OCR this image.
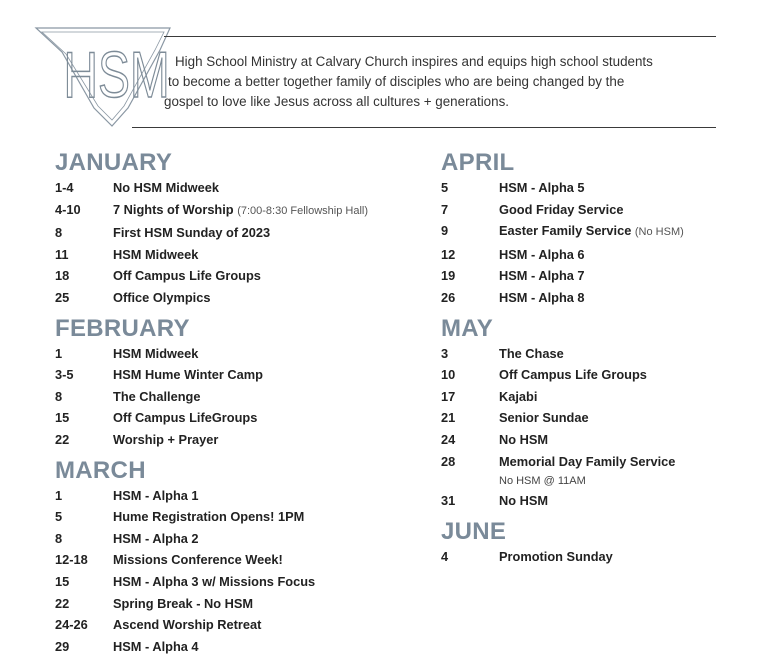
HSM High School Ministry at Calvary Church inspires and equips high school students
to become a better together family of disciples who are being changed by the
gospel to love like Jesus across all cultures + generations.
JANUARY
1-4	No HSM Midweek
4-10	7 Nights of Worship (7:00-8:30 Fellowship Hall)
8	First HSM Sunday of 2023
11	HSM Midweek
18	Off Campus Life Groups
25	Office Olympics
FEBRUARY
1	HSM Midweek
3-5	HSM Hume Winter Camp
8	The Challenge
15	Off Campus LifeGroups
22	Worship + Prayer
MARCH
1	HSM - Alpha 1
5	Hume Registration Opens! 1PM
8	HSM - Alpha 2
12-18	Missions Conference Week!
15	HSM - Alpha 3 w/ Missions Focus
22	Spring Break - No HSM
24-26	Ascend Worship Retreat
29	HSM - Alpha 4
APRIL
5	HSM - Alpha 5
7	Good Friday Service
9	Easter Family Service (No HSM)
12	HSM - Alpha 6
19	HSM - Alpha 7
26	HSM - Alpha 8
MAY
3	The Chase
10	Off Campus Life Groups
17	Kajabi
21	Senior Sundae
24	No HSM
28	Memorial Day Family Service
No HSM @ 11AM
31	No HSM
JUNE
4	Promotion Sunday
